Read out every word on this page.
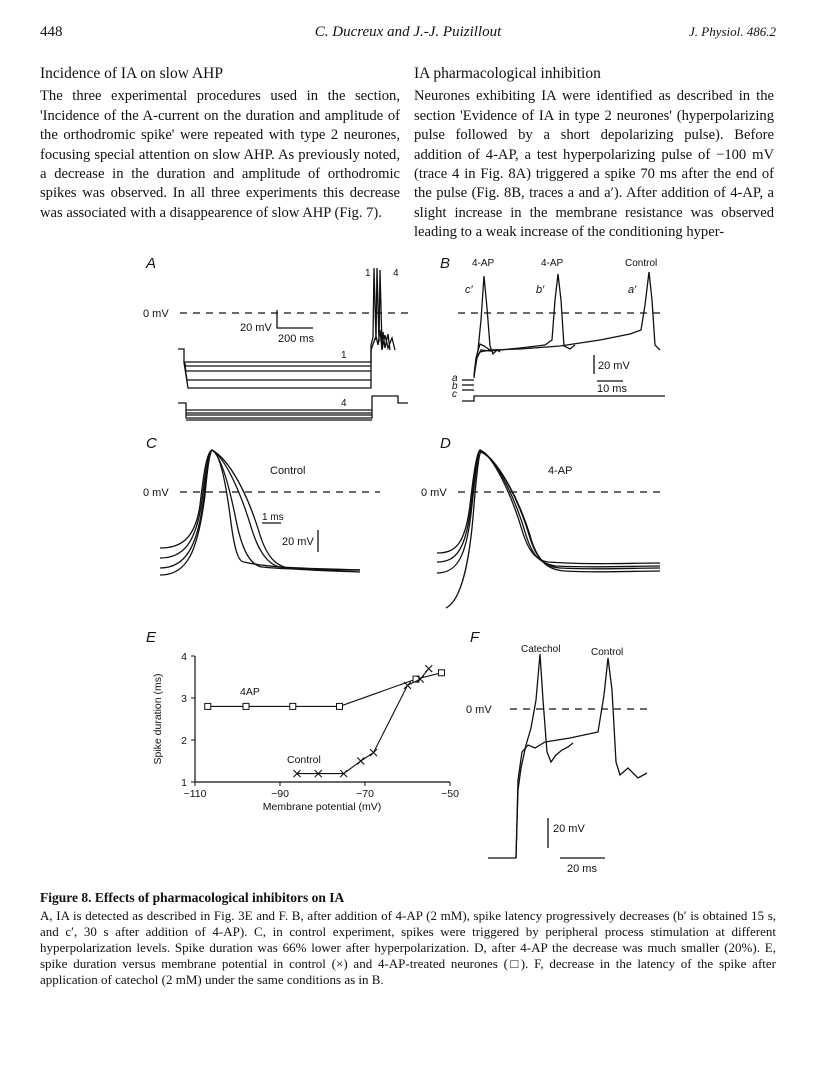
448	C. Ducreux and J.-J. Puizillout	J. Physiol. 486.2
Incidence of IA on slow AHP

The three experimental procedures used in the section, 'Incidence of the A-current on the duration and amplitude of the orthodromic spike' were repeated with type 2 neurones, focusing special attention on slow AHP. As previously noted, a decrease in the duration and amplitude of orthodromic spikes was observed. In all three experiments this decrease was associated with a disappearence of slow AHP (Fig. 7).

IA pharmacological inhibition

Neurones exhibiting IA were identified as described in the section 'Evidence of IA in type 2 neurones' (hyperpolarizing pulse followed by a short depolarizing pulse). Before addition of 4-AP, a test hyperpolarizing pulse of −100 mV (trace 4 in Fig. 8A) triggered a spike 70 ms after the end of the pulse (Fig. 8B, traces a and a′). After addition of 4-AP, a slight increase in the membrane resistance was observed leading to a weak increase of the conditioning hyper-

A
0 mV
20 mV
200 ms
1 4
1
4
B 4-AP	4-AP	Control
c′	b′	a′
a
b
c
20 mV
10 ms
C
0 mV
Control
1 ms
20 mV
D
0 mV
4-AP
F
0 mV
Catechol	Control
20 mV
20 ms
E
−110	−90	−70	−50
1
2
3
4
Membrane potential (mV)
Spike duration (ms)	4AP
Control
Figure 8. Effects of pharmacological inhibitors on IA

A, IA is detected as described in Fig. 3E and F. B, after addition of 4-AP (2 mM), spike latency progressively decreases (b′ is obtained 15 s, and c′, 30 s after addition of 4-AP). C, in control experiment, spikes were triggered by peripheral process stimulation at different hyperpolarization levels. Spike duration was 66% lower after hyperpolarization. D, after 4-AP the decrease was much smaller (20%). E, spike duration versus membrane potential in control (×) and 4-AP-treated neurones (□). F, decrease in the latency of the spike after application of catechol (2 mM) under the same conditions as in B.
